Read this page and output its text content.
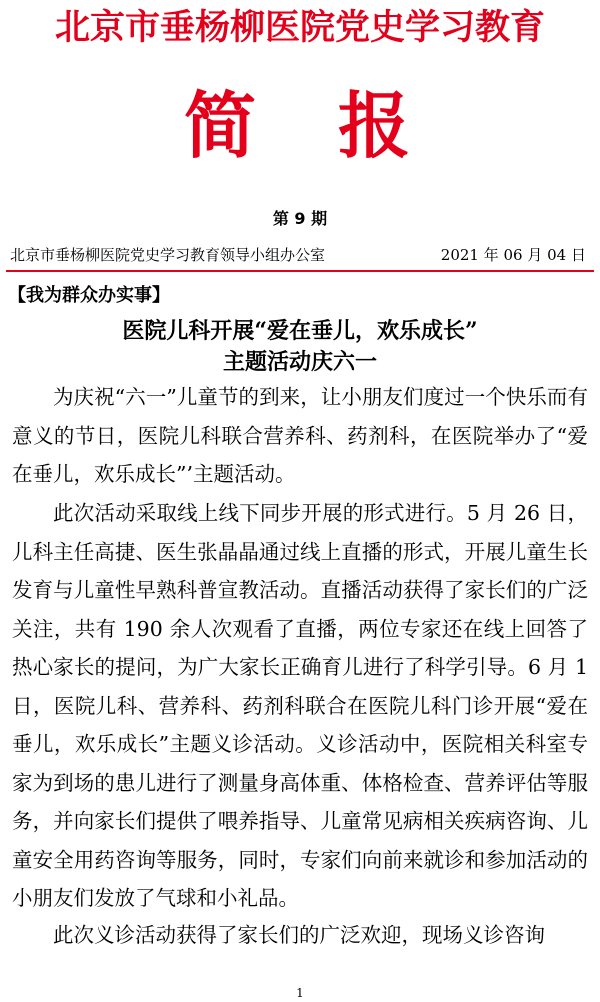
北京市垂杨柳医院党史学习教育
简 报
第 9 期
北京市垂杨柳医院党史学习教育领导小组办公室	2021 年 06 月 04 日
【我为群众办实事】
医院儿科开展“爱在垂儿，欢乐成长”
主题活动庆六一

为庆祝“六一”儿童节的到来，让小朋友们度过一个快乐而有意义的节日，医院儿科联合营养科、药剂科，在医院举办了“爱在垂儿，欢乐成长”’主题活动。

此次活动采取线上线下同步开展的形式进行。5 月 26 日，儿科主任高捷、医生张晶晶通过线上直播的形式，开展儿童生长发育与儿童性早熟科普宣教活动。直播活动获得了家长们的广泛关注，共有 190 余人次观看了直播，两位专家还在线上回答了热心家长的提问，为广大家长正确育儿进行了科学引导。6 月 1 日，医院儿科、营养科、药剂科联合在医院儿科门诊开展“爱在垂儿，欢乐成长”主题义诊活动。义诊活动中，医院相关科室专家为到场的患儿进行了测量身高体重、体格检查、营养评估等服务，并向家长们提供了喂养指导、儿童常见病相关疾病咨询、儿童安全用药咨询等服务，同时，专家们向前来就诊和参加活动的小朋友们发放了气球和小礼品。

此次义诊活动获得了家长们的广泛欢迎，现场义诊咨询

1
